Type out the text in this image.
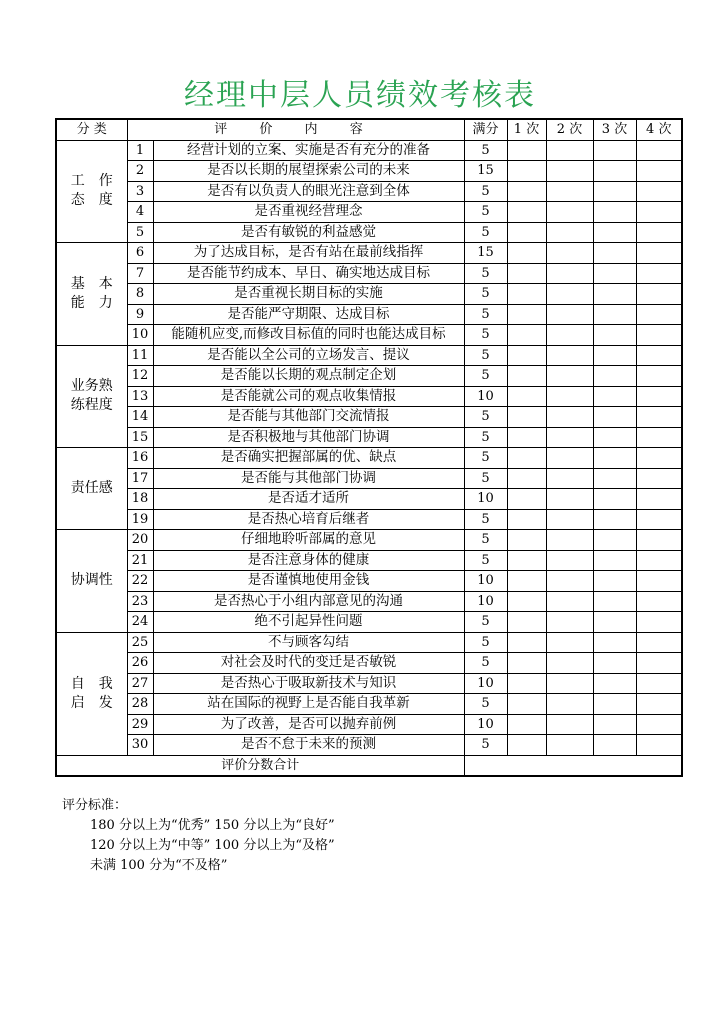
经理中层人员绩效考核表
分 类	评 价 内 容		满分	1 次	2 次	3 次	4 次

工　作
态　度	1	经营计划的立案、实施是否有充分的准备	5				
	2	是否以长期的展望探索公司的未来	15				
	3	是否有以负责人的眼光注意到全体	5				
	4	是否重视经营理念	5				
	5	是否有敏锐的利益感觉	5				

基　本
能　力	6	为了达成目标，是否有站在最前线指挥	15				
	7	是否能节约成本、早日、确实地达成目标	5				
	8	是否重视长期目标的实施	5				
	9	是否能严守期限、达成目标	5				
	10	能随机应变,而修改目标值的同时也能达成目标	5				

业务熟
练程度	11	是否能以全公司的立场发言、提议	5				
	12	是否能以长期的观点制定企划	5				
	13	是否能就公司的观点收集情报	10				
	14	是否能与其他部门交流情报	5				
	15	是否积极地与其他部门协调	5				

责任感	16	是否确实把握部属的优、缺点	5				
	17	是否能与其他部门协调	5				
	18	是否适才适所	10				
	19	是否热心培育后继者	5				

协调性	20	仔细地聆听部属的意见	5				
	21	是否注意身体的健康	5				
	22	是否谨慎地使用金钱	10				
	23	是否热心于小组内部意见的沟通	10				
	24	绝不引起异性问题	5				

自　我
启　发	25	不与顾客勾结	5				
	26	对社会及时代的变迁是否敏锐	5				
	27	是否热心于吸取新技术与知识	10				
	28	站在国际的视野上是否能自我革新	5				
	29	为了改善，是否可以抛弃前例	10				
	30	是否不怠于未来的预测	5				
评价分数合计							
评分标准：
180 分以上为“优秀” 150 分以上为“良好”
120 分以上为“中等” 100 分以上为“及格”
未满 100 分为“不及格”
